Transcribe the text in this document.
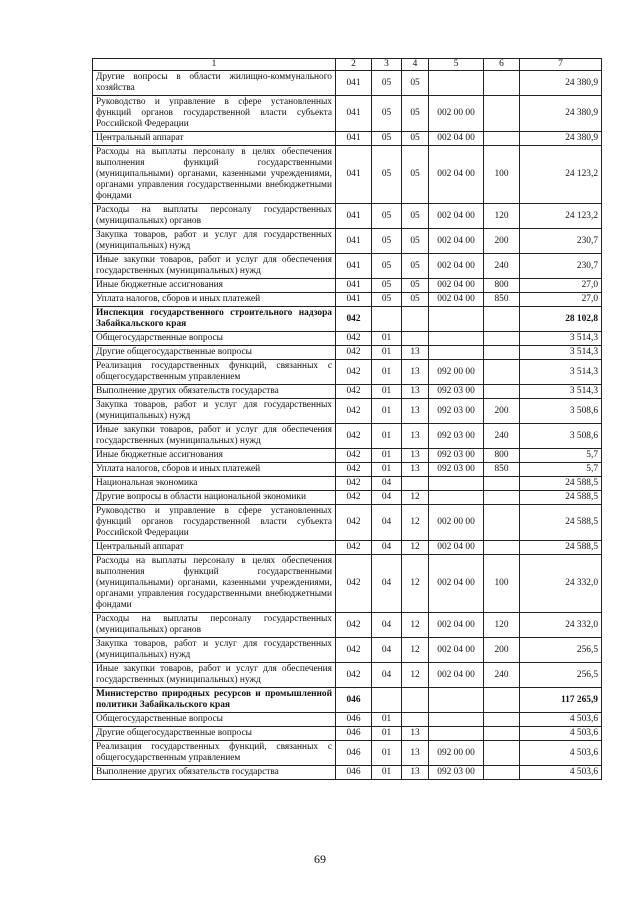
1	2	3	4	5	6	7
Другие вопросы в области жилищно-коммунального хозяйства	041	05	05			24 380,9
Руководство и управление в сфере установленных функций органов государственной власти субъекта Российской Федерации	041	05	05	002 00 00		24 380,9
Центральный аппарат	041	05	05	002 04 00		24 380,9
Расходы на выплаты персоналу в целях обеспечения выполнения функций государственными (муниципальными) органами, казенными учреждениями, органами управления государственными внебюджетными фондами	041	05	05	002 04 00	100	24 123,2
Расходы на выплаты персоналу государственных (муниципальных) органов	041	05	05	002 04 00	120	24 123,2
Закупка товаров, работ и услуг для государственных (муниципальных) нужд	041	05	05	002 04 00	200	230,7
Иные закупки товаров, работ и услуг для обеспечения государственных (муниципальных) нужд	041	05	05	002 04 00	240	230,7
Иные бюджетные ассигнования	041	05	05	002 04 00	800	27,0
Уплата налогов, сборов и иных платежей	041	05	05	002 04 00	850	27,0
Инспекция государственного строительного надзора Забайкальского края	042					28 102,8
Общегосударственные вопросы	042	01				3 514,3
Другие общегосударственные вопросы	042	01	13			3 514,3
Реализация государственных функций, связанных с общегосударственным управлением	042	01	13	092 00 00		3 514,3
Выполнение других обязательств государства	042	01	13	092 03 00		3 514,3
Закупка товаров, работ и услуг для государственных (муниципальных) нужд	042	01	13	092 03 00	200	3 508,6
Иные закупки товаров, работ и услуг для обеспечения государственных (муниципальных) нужд	042	01	13	092 03 00	240	3 508,6
Иные бюджетные ассигнования	042	01	13	092 03 00	800	5,7
Уплата налогов, сборов и иных платежей	042	01	13	092 03 00	850	5,7
Национальная экономика	042	04				24 588,5
Другие вопросы в области национальной экономики	042	04	12			24 588,5
Руководство и управление в сфере установленных функций органов государственной власти субъекта Российской Федерации	042	04	12	002 00 00		24 588,5
Центральный аппарат	042	04	12	002 04 00		24 588,5
Расходы на выплаты персоналу в целях обеспечения выполнения функций государственными (муниципальными) органами, казенными учреждениями, органами управления государственными внебюджетными фондами	042	04	12	002 04 00	100	24 332,0
Расходы на выплаты персоналу государственных (муниципальных) органов	042	04	12	002 04 00	120	24 332,0
Закупка товаров, работ и услуг для государственных (муниципальных) нужд	042	04	12	002 04 00	200	256,5
Иные закупки товаров, работ и услуг для обеспечения государственных (муниципальных) нужд	042	04	12	002 04 00	240	256,5
Министерство природных ресурсов и промышленной политики Забайкальского края	046					117 265,9
Общегосударственные вопросы	046	01				4 503,6
Другие общегосударственные вопросы	046	01	13			4 503,6
Реализация государственных функций, связанных с общегосударственным управлением	046	01	13	092 00 00		4 503,6
Выполнение других обязательств государства	046	01	13	092 03 00		4 503,6
69
